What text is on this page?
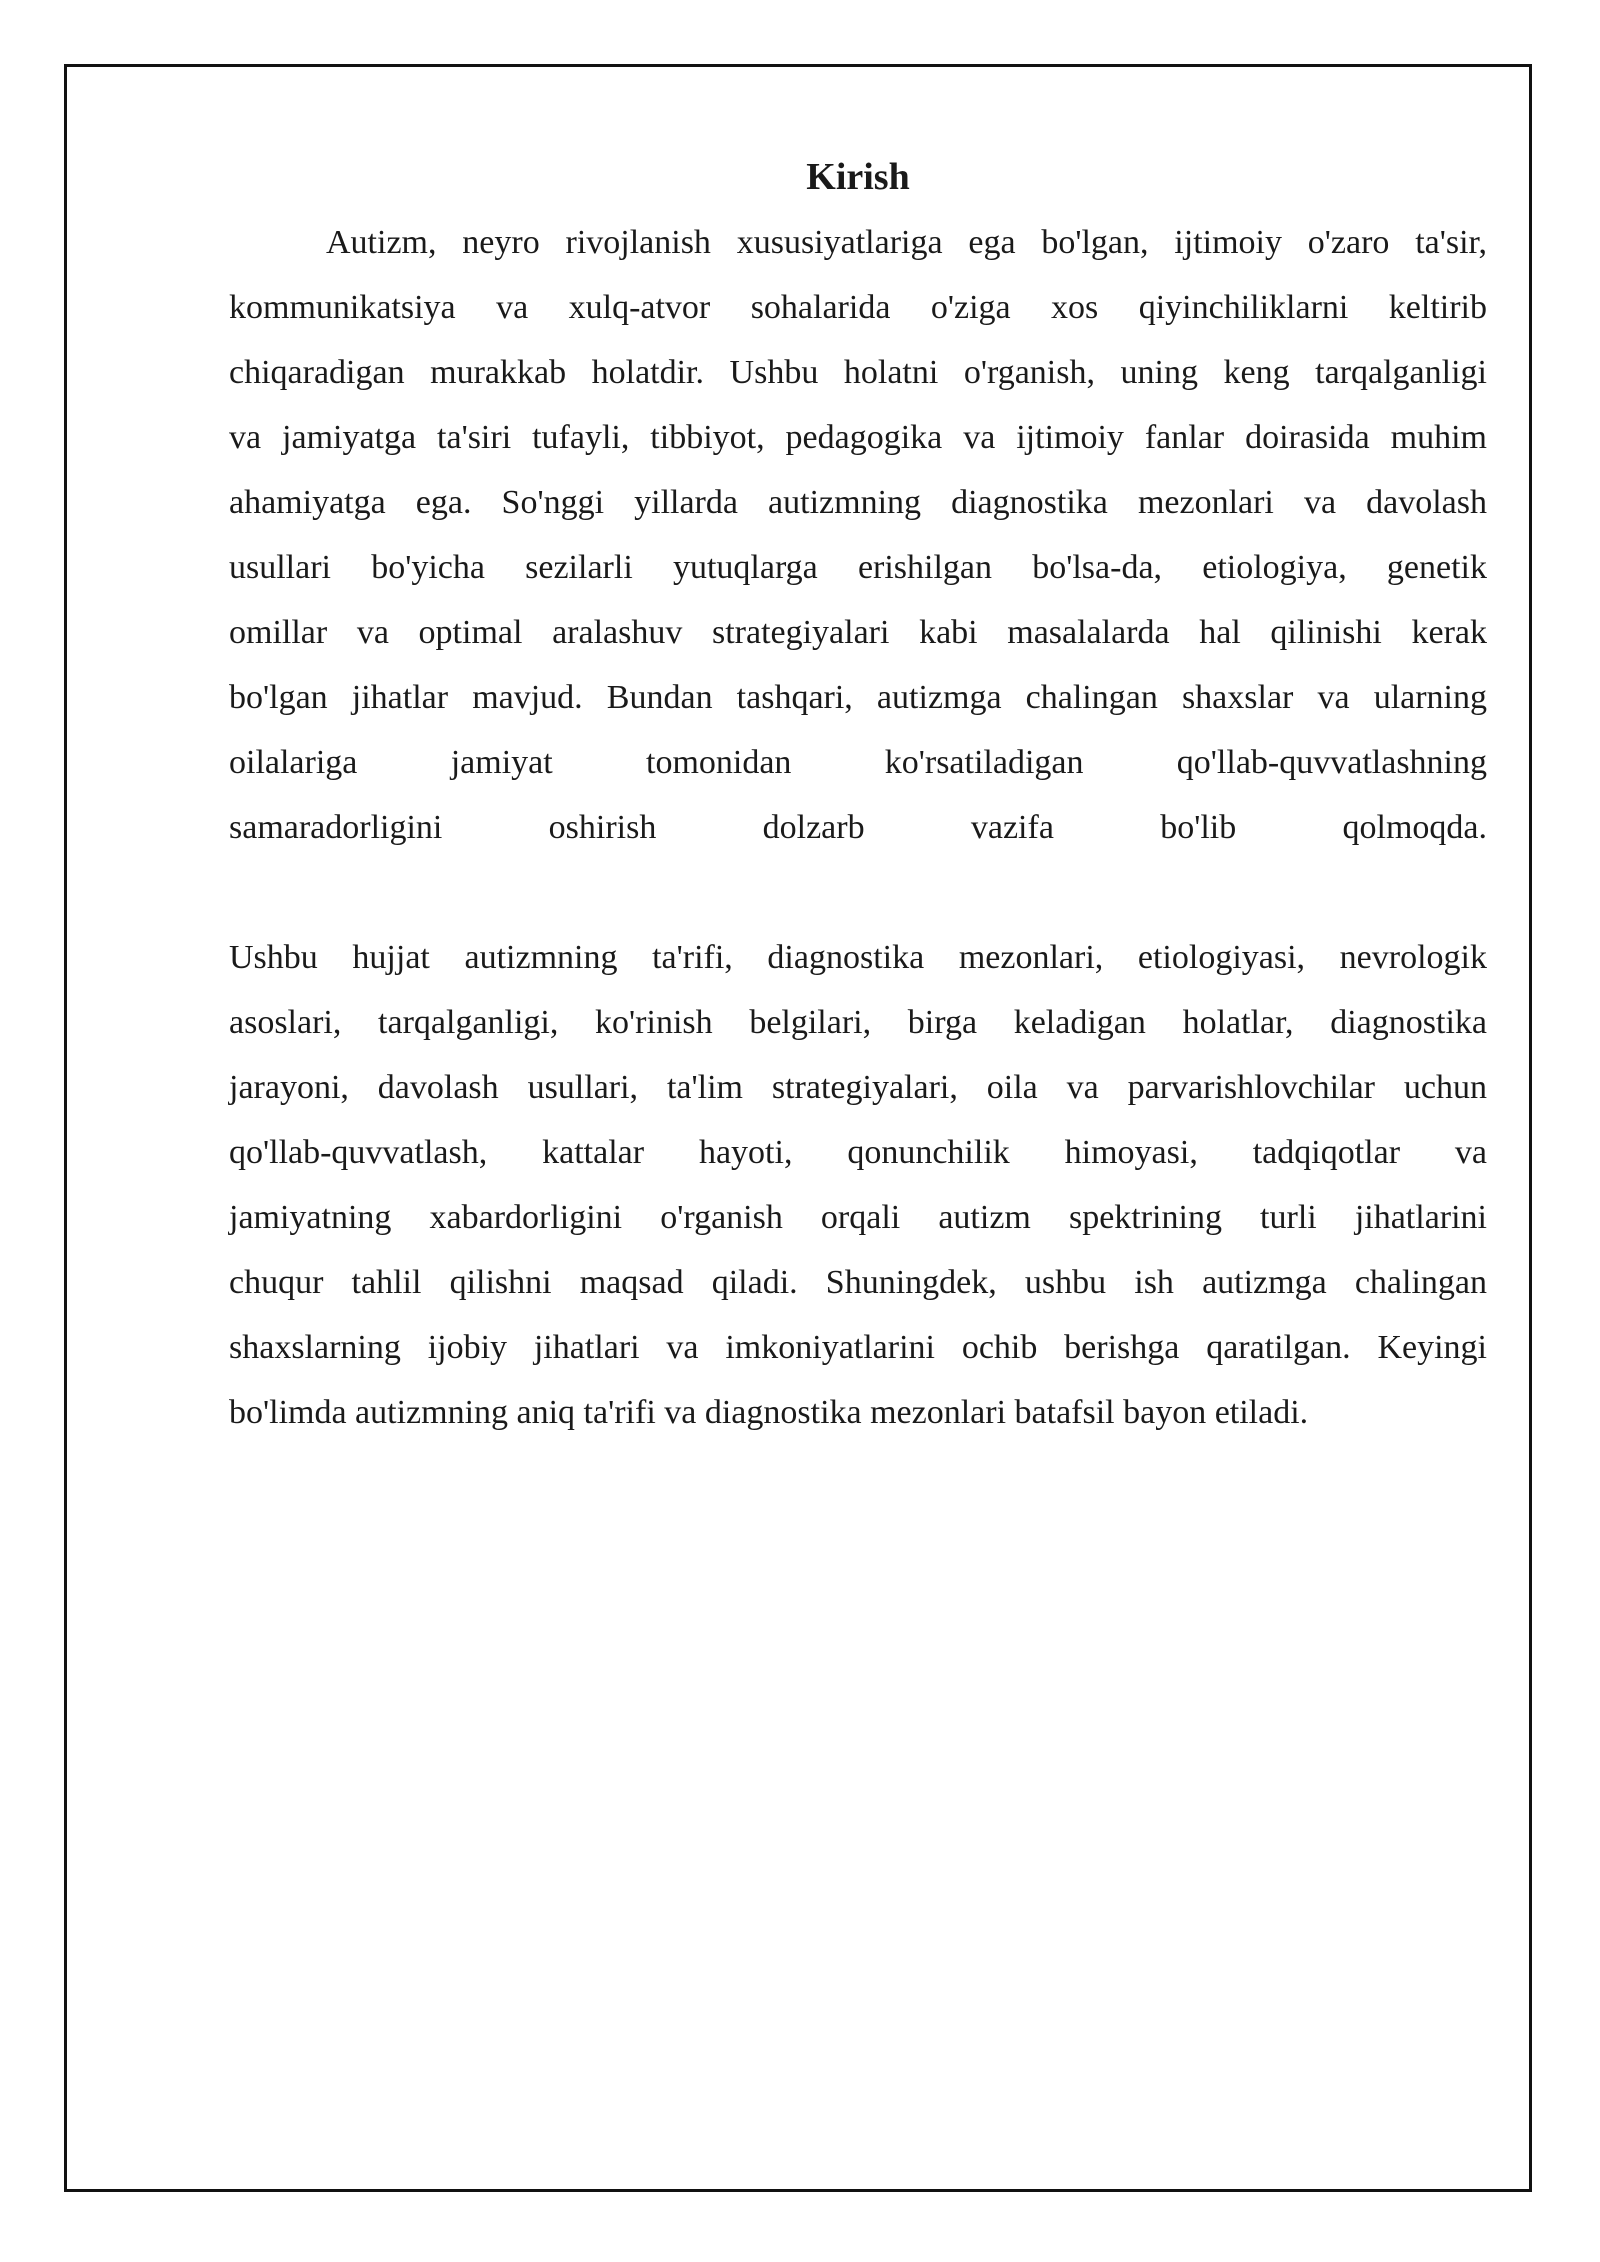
Kirish

Autizm, neyro rivojlanish xususiyatlariga ega bo'lgan, ijtimoiy o'zaro ta'sir,
kommunikatsiya va xulq-atvor sohalarida o'ziga xos qiyinchiliklarni keltirib
chiqaradigan murakkab holatdir. Ushbu holatni o'rganish, uning keng tarqalganligi
va jamiyatga ta'siri tufayli, tibbiyot, pedagogika va ijtimoiy fanlar doirasida muhim
ahamiyatga ega. So'nggi yillarda autizmning diagnostika mezonlari va davolash
usullari bo'yicha sezilarli yutuqlarga erishilgan bo'lsa-da, etiologiya, genetik
omillar va optimal aralashuv strategiyalari kabi masalalarda hal qilinishi kerak
bo'lgan jihatlar mavjud. Bundan tashqari, autizmga chalingan shaxslar va ularning
oilalariga jamiyat tomonidan ko'rsatiladigan qo'llab-quvvatlashning
samaradorligini oshirish dolzarb vazifa bo'lib qolmoqda.

Ushbu hujjat autizmning ta'rifi, diagnostika mezonlari, etiologiyasi, nevrologik
asoslari, tarqalganligi, ko'rinish belgilari, birga keladigan holatlar, diagnostika
jarayoni, davolash usullari, ta'lim strategiyalari, oila va parvarishlovchilar uchun
qo'llab-quvvatlash, kattalar hayoti, qonunchilik himoyasi, tadqiqotlar va
jamiyatning xabardorligini o'rganish orqali autizm spektrining turli jihatlarini
chuqur tahlil qilishni maqsad qiladi. Shuningdek, ushbu ish autizmga chalingan
shaxslarning ijobiy jihatlari va imkoniyatlarini ochib berishga qaratilgan. Keyingi
bo'limda autizmning aniq ta'rifi va diagnostika mezonlari batafsil bayon etiladi.
